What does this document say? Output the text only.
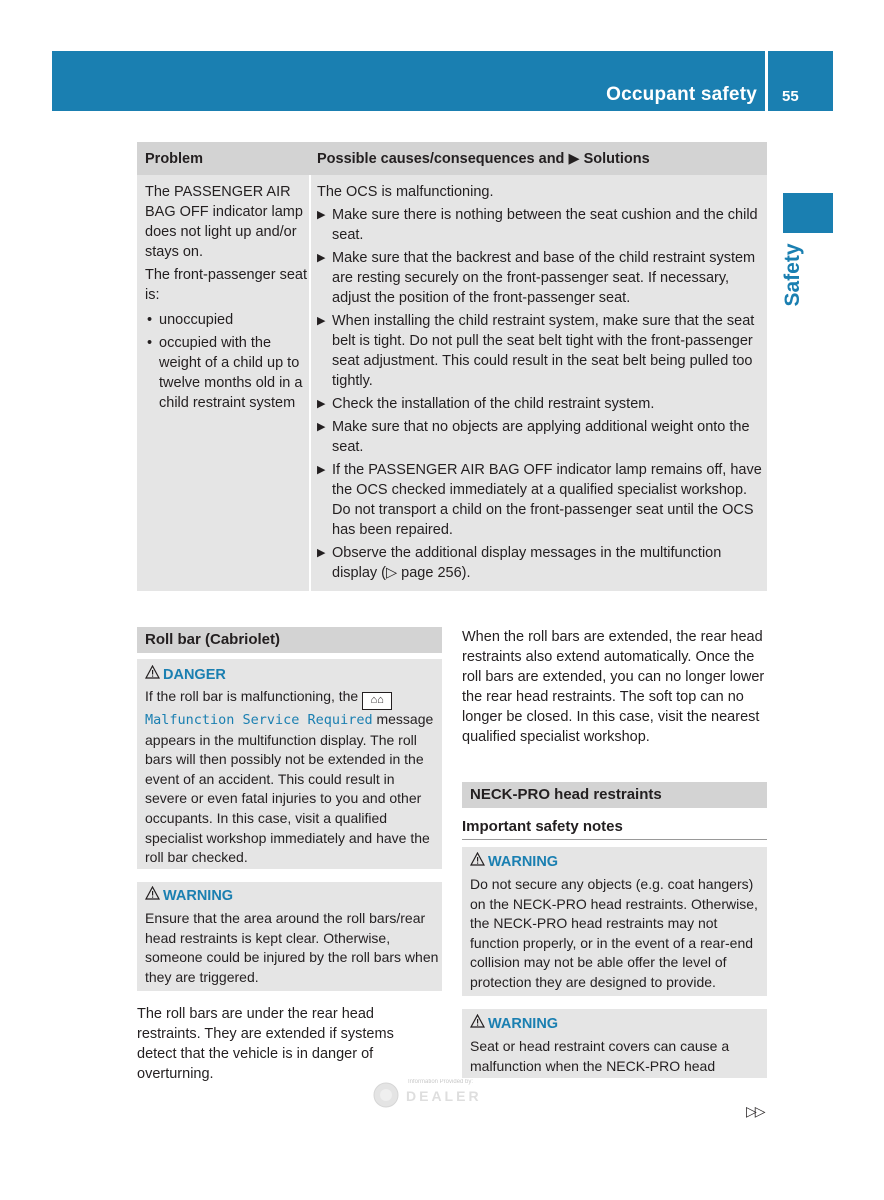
Occupant safety 55
Safety
Problem	Possible causes/consequences and ▶ Solutions

The PASSENGER AIR BAG OFF indicator lamp does not light up and/or stays on.

The front-passenger seat is:

• unoccupied
• occupied with the weight of a child up to twelve months old in a child restraint system

The OCS is malfunctioning.

▶ Make sure there is nothing between the seat cushion and the child seat.
▶ Make sure that the backrest and base of the child restraint system are resting securely on the front-passenger seat. If necessary, adjust the position of the front-passenger seat.
▶ When installing the child restraint system, make sure that the seat belt is tight. Do not pull the seat belt tight with the front-passenger seat adjustment. This could result in the seat belt being pulled too tightly.
▶ Check the installation of the child restraint system.
▶ Make sure that no objects are applying additional weight onto the seat.
▶ If the PASSENGER AIR BAG OFF indicator lamp remains off, have the OCS checked immediately at a qualified specialist workshop. Do not transport a child on the front-passenger seat until the OCS has been repaired.
▶ Observe the additional display messages in the multifunction display (▷ page 256).
Roll bar (Cabriolet)
DANGER
If the roll bar is malfunctioning, the ⌂⌂
Malfunction Service Required message appears in the multifunction display. The roll bars will then possibly not be extended in the event of an accident. This could result in severe or even fatal injuries to you and other occupants. In this case, visit a qualified specialist workshop immediately and have the roll bar checked.
WARNING
Ensure that the area around the roll bars/rear head restraints is kept clear. Otherwise, someone could be injured by the roll bars when they are triggered.
The roll bars are under the rear head restraints. They are extended if systems detect that the vehicle is in danger of overturning.
When the roll bars are extended, the rear head restraints also extend automatically. Once the roll bars are extended, you can no longer lower the rear head restraints. The soft top can no longer be closed. In this case, visit the nearest qualified specialist workshop.
NECK-PRO head restraints
Important safety notes
WARNING
Do not secure any objects (e.g. coat hangers) on the NECK-PRO head restraints. Otherwise, the NECK-PRO head restraints may not function properly, or in the event of a rear-end collision may not be able offer the level of protection they are designed to provide.
WARNING
Seat or head restraint covers can cause a malfunction when the NECK-PRO head
Information Provided by:
DEALER
▷▷
